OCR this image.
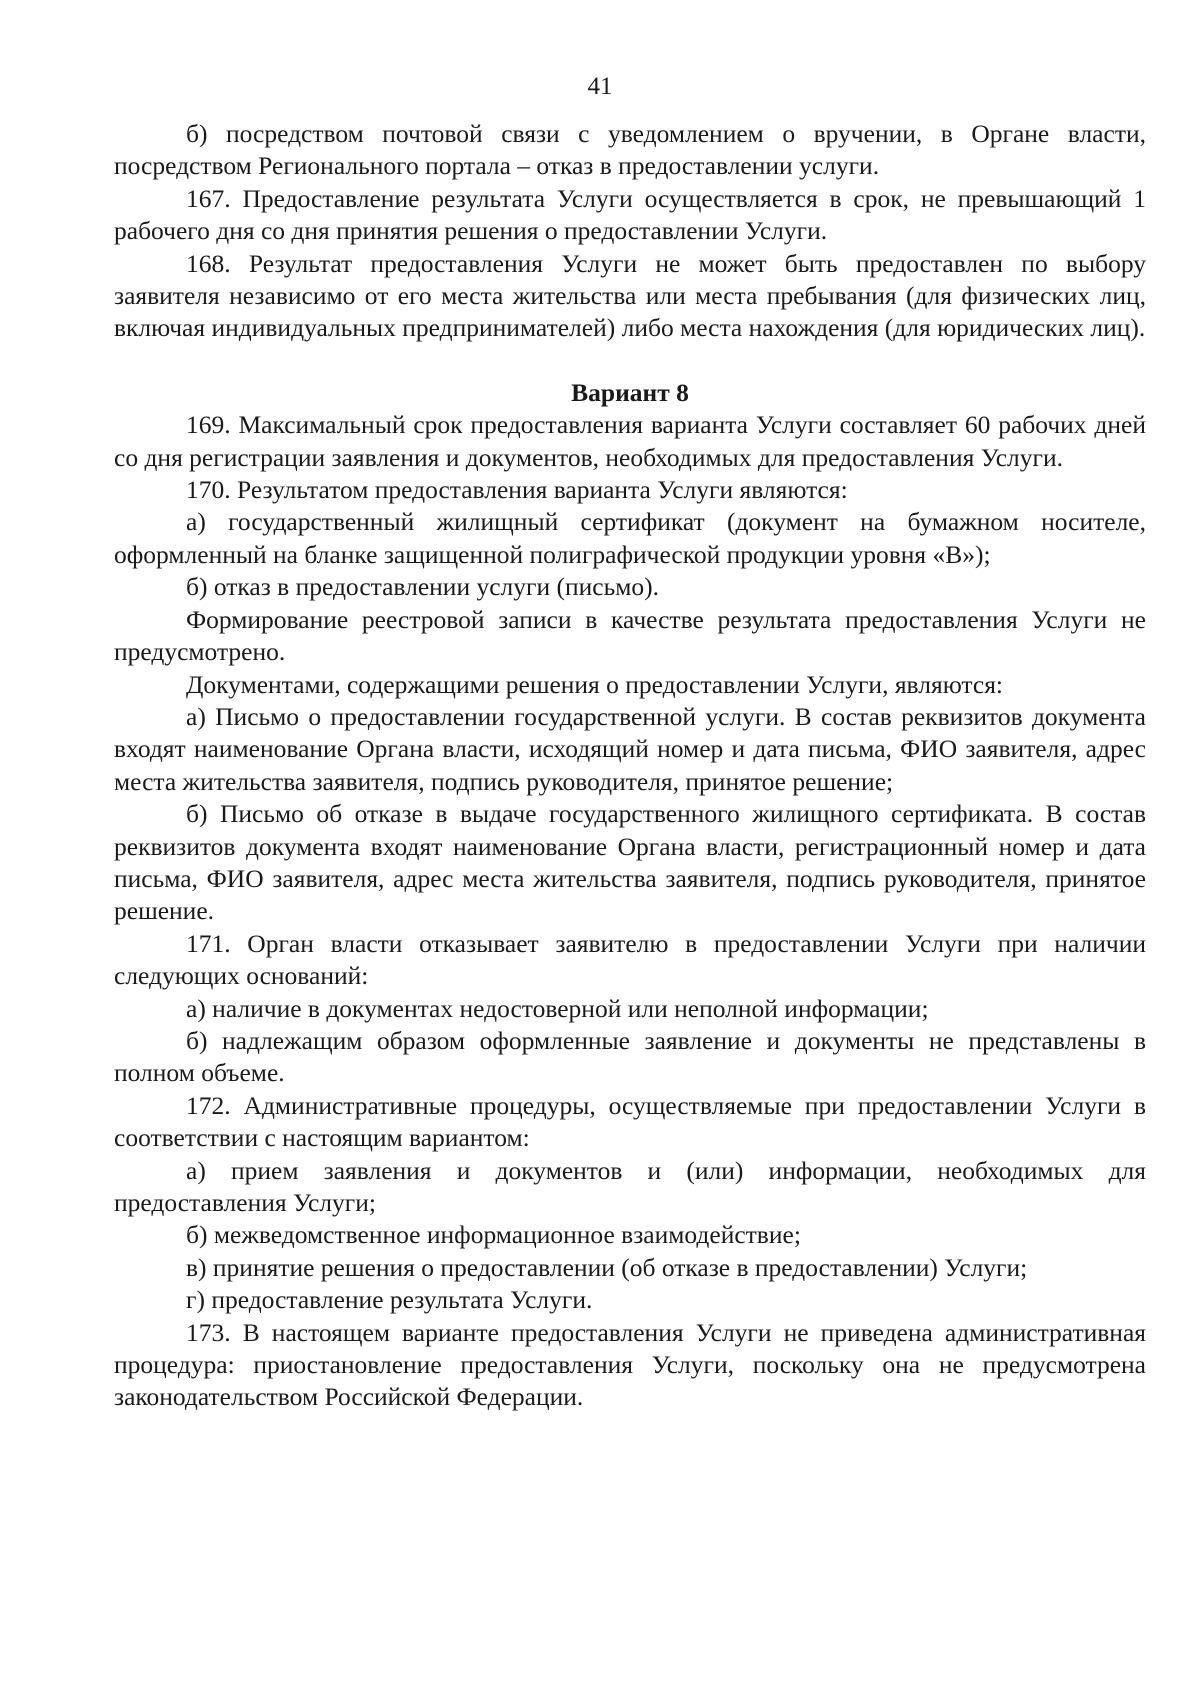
41

б) посредством почтовой связи с уведомлением о вручении, в Органе власти, посредством Регионального портала – отказ в предоставлении услуги.

167. Предоставление результата Услуги осуществляется в срок, не превышающий 1 рабочего дня со дня принятия решения о предоставлении Услуги.

168. Результат предоставления Услуги не может быть предоставлен по выбору заявителя независимо от его места жительства или места пребывания (для физических лиц, включая индивидуальных предпринимателей) либо места нахождения (для юридических лиц).

Вариант 8

169. Максимальный срок предоставления варианта Услуги составляет 60 рабочих дней со дня регистрации заявления и документов, необходимых для предоставления Услуги.

170. Результатом предоставления варианта Услуги являются:

а) государственный жилищный сертификат (документ на бумажном носителе, оформленный на бланке защищенной полиграфической продукции уровня «В»);

б) отказ в предоставлении услуги (письмо).

Формирование реестровой записи в качестве результата предоставления Услуги не предусмотрено.

Документами, содержащими решения о предоставлении Услуги, являются:

а) Письмо о предоставлении государственной услуги. В состав реквизитов документа входят наименование Органа власти, исходящий номер и дата письма, ФИО заявителя, адрес места жительства заявителя, подпись руководителя, принятое решение;

б) Письмо об отказе в выдаче государственного жилищного сертификата. В состав реквизитов документа входят наименование Органа власти, регистрационный номер и дата письма, ФИО заявителя, адрес места жительства заявителя, подпись руководителя, принятое решение.

171. Орган власти отказывает заявителю в предоставлении Услуги при наличии следующих оснований:

а) наличие в документах недостоверной или неполной информации;

б) надлежащим образом оформленные заявление и документы не представлены в полном объеме.

172. Административные процедуры, осуществляемые при предоставлении Услуги в соответствии с настоящим вариантом:

а) прием заявления и документов и (или) информации, необходимых для предоставления Услуги;

б) межведомственное информационное взаимодействие;

в) принятие решения о предоставлении (об отказе в предоставлении) Услуги;

г) предоставление результата Услуги.

173. В настоящем варианте предоставления Услуги не приведена административная процедура: приостановление предоставления Услуги, поскольку она не предусмотрена законодательством Российской Федерации.
